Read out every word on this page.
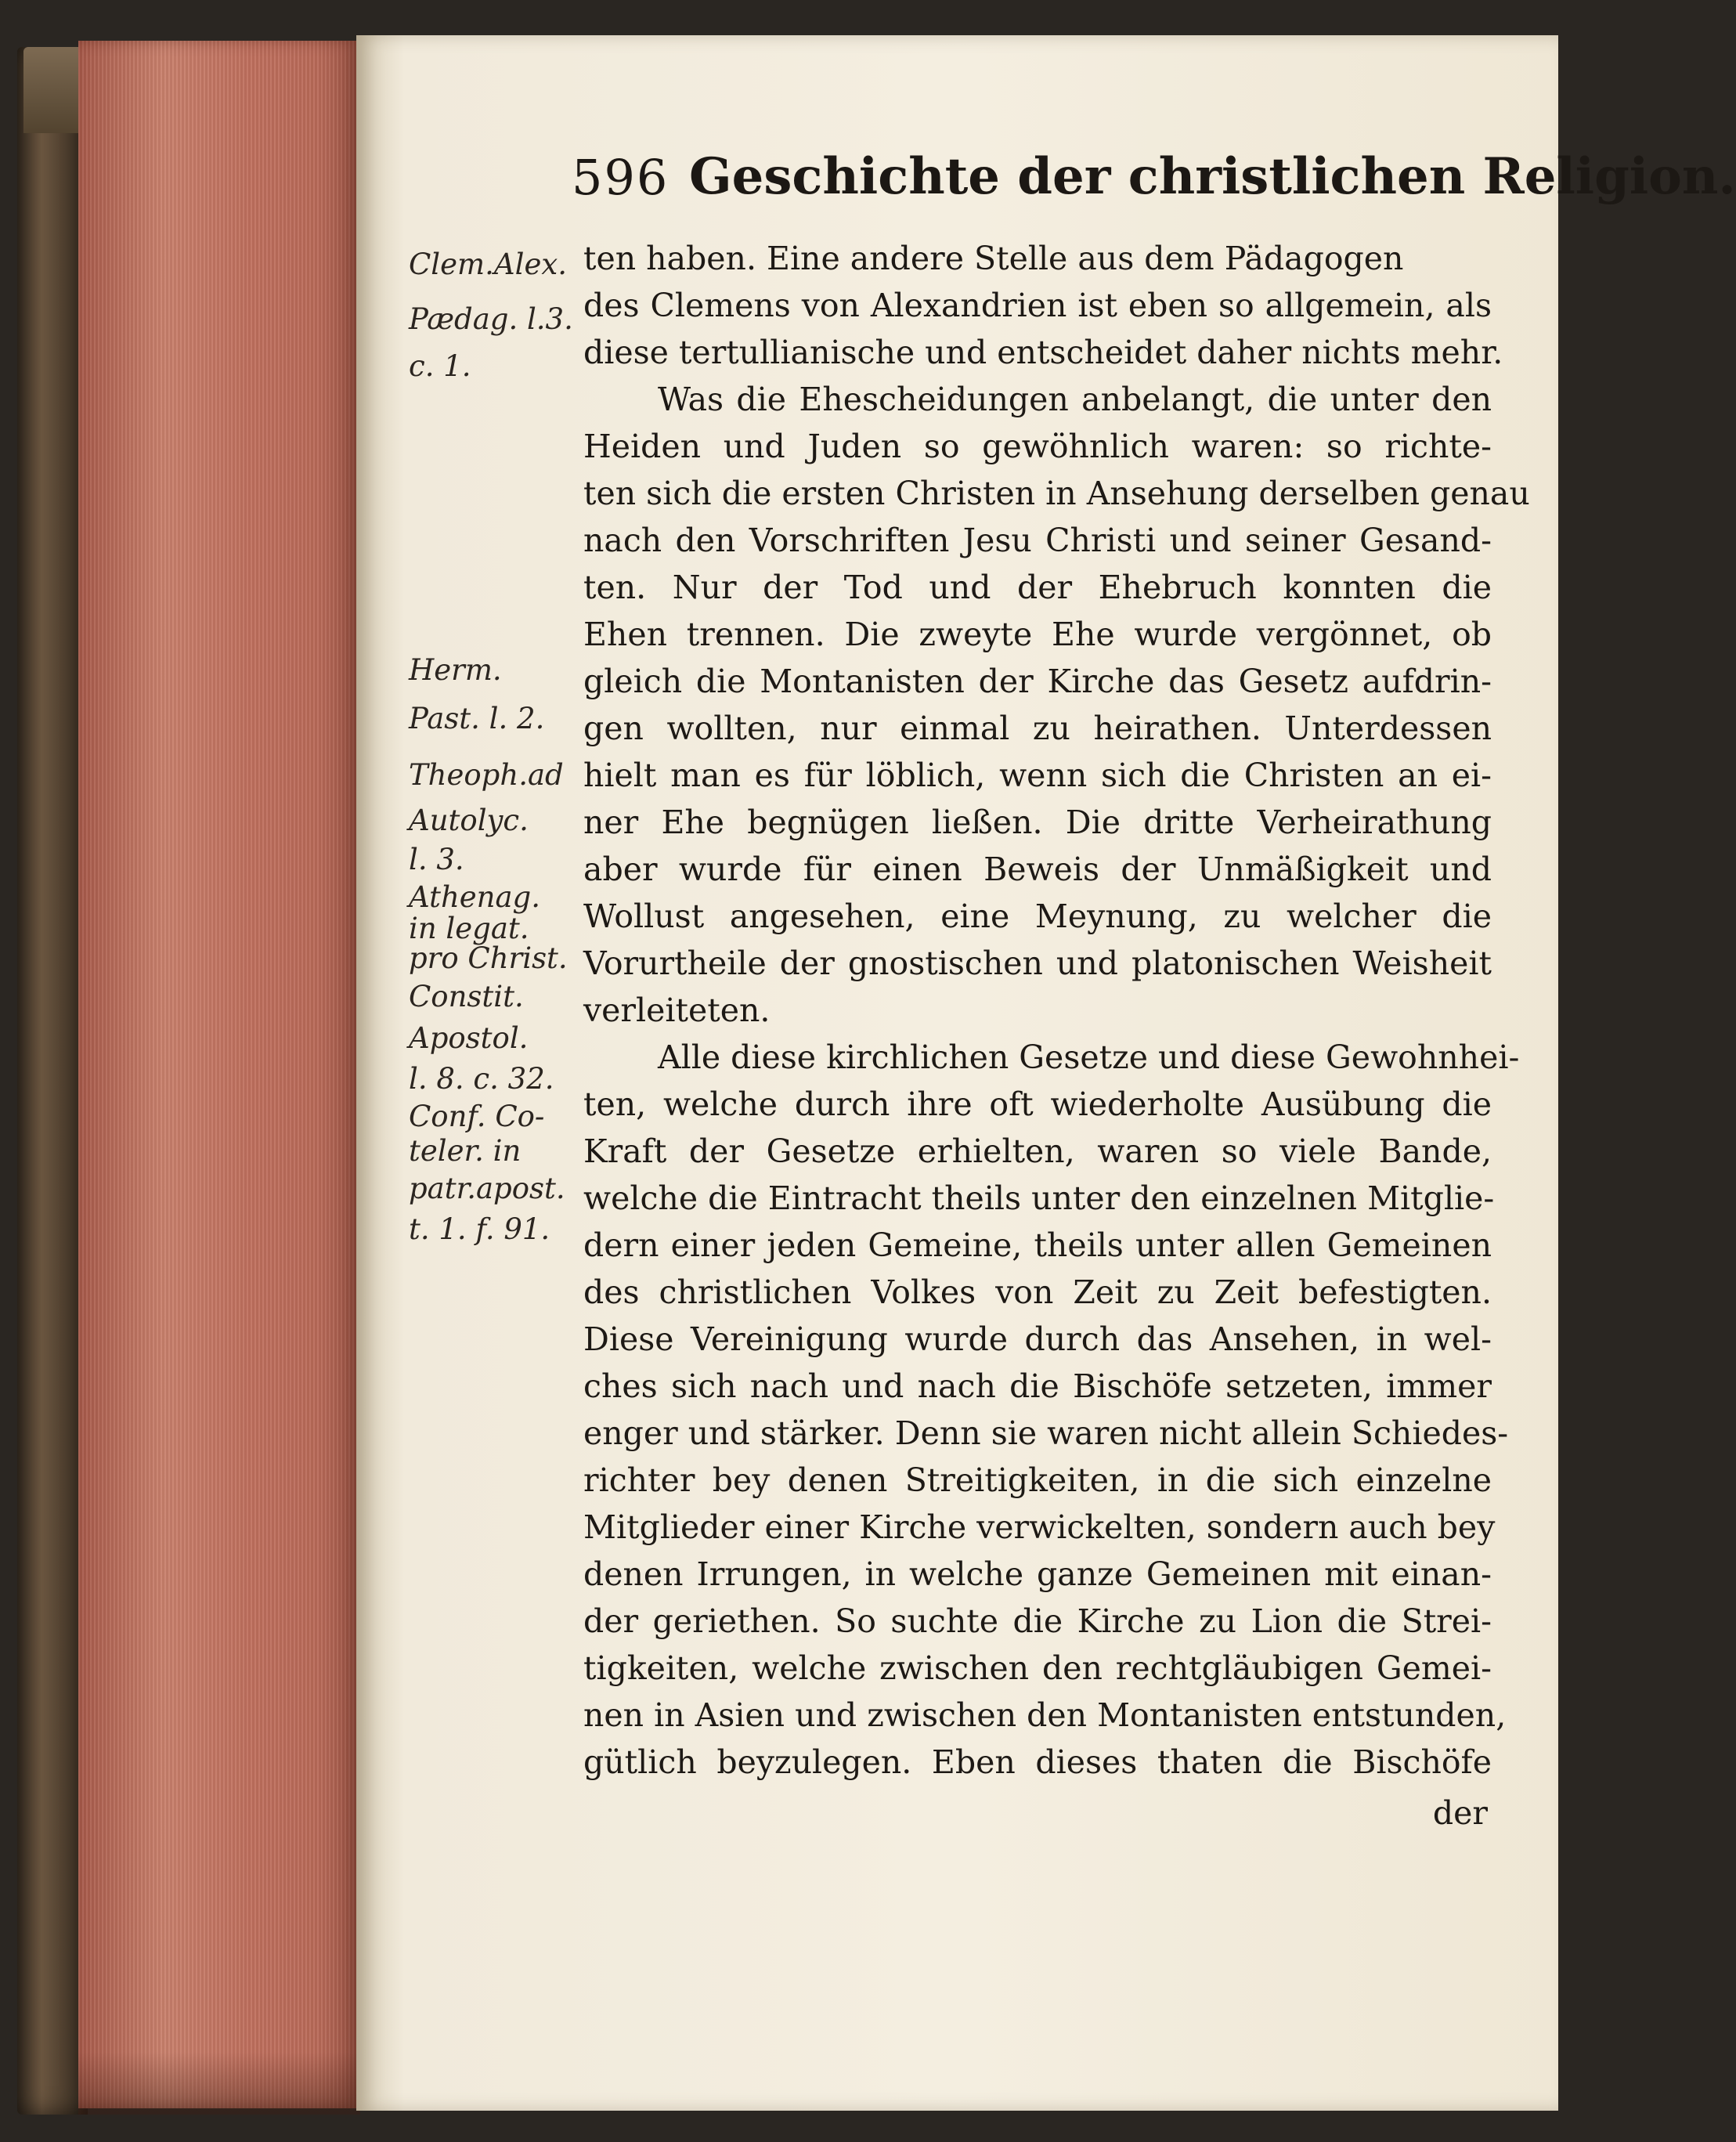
596 Geschichte der christlichen Religion.
Clem.Alex.
Pædag. l.3.
c. 1.
Herm.
Past. l. 2.
Theoph.ad
Autolyc.
l. 3.
Athenag.
in legat.
pro Christ.
Constit.
Apostol.
l. 8. c. 32.
Conf. Co-
teler. in
patr.apost.
t. 1. f. 91.
ten haben. Eine andere Stelle aus dem Pädagogen
des Clemens von Alexandrien ist eben so allgemein, als
diese tertullianische und entscheidet daher nichts mehr.
Was die Ehescheidungen anbelangt, die unter den
Heiden und Juden so gewöhnlich waren: so richte-
ten sich die ersten Christen in Ansehung derselben genau
nach den Vorschriften Jesu Christi und seiner Gesand-
ten. Nur der Tod und der Ehebruch konnten die
Ehen trennen. Die zweyte Ehe wurde vergönnet, ob
gleich die Montanisten der Kirche das Gesetz aufdrin-
gen wollten, nur einmal zu heirathen. Unterdessen
hielt man es für löblich, wenn sich die Christen an ei-
ner Ehe begnügen ließen. Die dritte Verheirathung
aber wurde für einen Beweis der Unmäßigkeit und
Wollust angesehen, eine Meynung, zu welcher die
Vorurtheile der gnostischen und platonischen Weisheit
verleiteten.
Alle diese kirchlichen Gesetze und diese Gewohnhei-
ten, welche durch ihre oft wiederholte Ausübung die
Kraft der Gesetze erhielten, waren so viele Bande,
welche die Eintracht theils unter den einzelnen Mitglie-
dern einer jeden Gemeine, theils unter allen Gemeinen
des christlichen Volkes von Zeit zu Zeit befestigten.
Diese Vereinigung wurde durch das Ansehen, in wel-
ches sich nach und nach die Bischöfe setzeten, immer
enger und stärker. Denn sie waren nicht allein Schiedes-
richter bey denen Streitigkeiten, in die sich einzelne
Mitglieder einer Kirche verwickelten, sondern auch bey
denen Irrungen, in welche ganze Gemeinen mit einan-
der geriethen. So suchte die Kirche zu Lion die Strei-
tigkeiten, welche zwischen den rechtgläubigen Gemei-
nen in Asien und zwischen den Montanisten entstunden,
gütlich beyzulegen. Eben dieses thaten die Bischöfe
der
